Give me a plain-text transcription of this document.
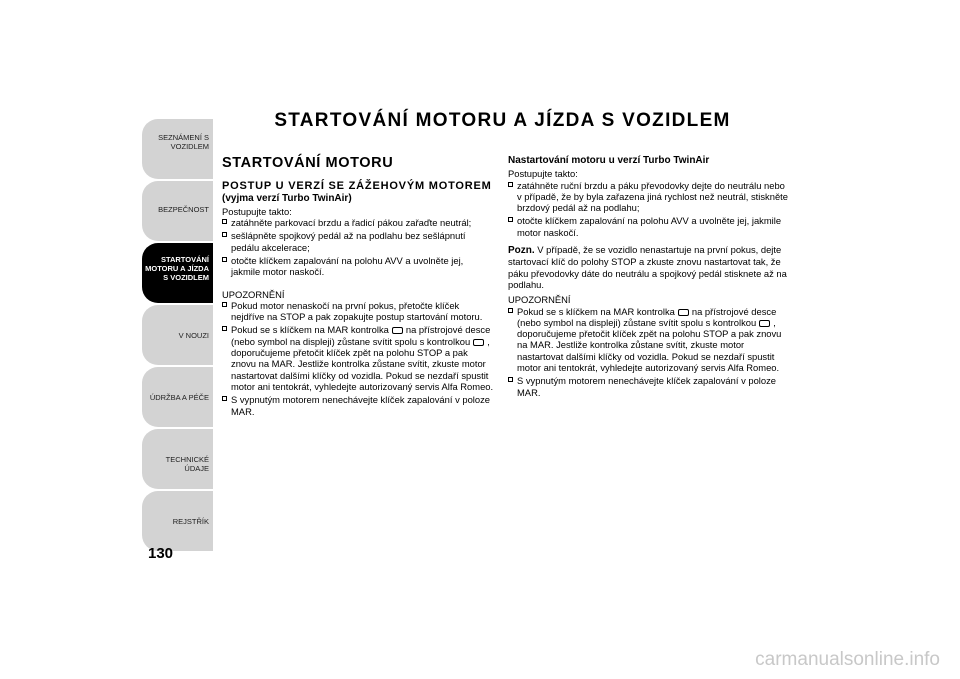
SEZNÁMENÍ S
VOZIDLEM
BEZPEČNOST
STARTOVÁNÍ
MOTORU A JÍZDA
S VOZIDLEM
V NOUZI
ÚDRŽBA A PÉČE
TECHNICKÉ ÚDAJE
REJSTŘÍK
130
STARTOVÁNÍ MOTORU A JÍZDA S VOZIDLEM
STARTOVÁNÍ MOTORU
POSTUP U VERZÍ SE ZÁŽEHOVÝM MOTOREM
(vyjma verzí Turbo TwinAir)

Postupujte takto:

zatáhněte parkovací brzdu a řadicí pákou zařaďte neutrál;
sešlápněte spojkový pedál až na podlahu bez sešlápnutí pedálu akcelerace;
otočte klíčkem zapalování na polohu AVV a uvolněte jej, jakmile motor naskočí.

UPOZORNĚNÍ

Pokud motor nenaskočí na první pokus, přetočte klíček nejdříve na STOP a pak zopakujte postup startování motoru.
Pokud se s klíčkem na MAR kontrolka na přístrojové desce (nebo symbol na displeji) zůstane svítit spolu s kontrolkou , doporučujeme přetočit klíček zpět na polohu STOP a pak znovu na MAR. Jestliže kontrolka zůstane svítit, zkuste motor nastartovat dalšími klíčky od vozidla. Pokud se nezdaří spustit motor ani tentokrát, vyhledejte autorizovaný servis Alfa Romeo.
S vypnutým motorem nenechávejte klíček zapalování v poloze MAR.
Nastartování motoru u verzí Turbo TwinAir

Postupujte takto:

zatáhněte ruční brzdu a páku převodovky dejte do neutrálu nebo v případě, že by byla zařazena jiná rychlost než neutrál, stiskněte brzdový pedál až na podlahu;
otočte klíčkem zapalování na polohu AVV a uvolněte jej, jakmile motor naskočí.

Pozn. V případě, že se vozidlo nenastartuje na první pokus, dejte startovací klíč do polohy STOP a zkuste znovu nastartovat tak, že páku převodovky dáte do neutrálu a spojkový pedál stisknete až na podlahu.

UPOZORNĚNÍ

Pokud se s klíčkem na MAR kontrolka na přístrojové desce (nebo symbol na displeji) zůstane svítit spolu s kontrolkou , doporučujeme přetočit klíček zpět na polohu STOP a pak znovu na MAR. Jestliže kontrolka zůstane svítit, zkuste motor nastartovat dalšími klíčky od vozidla. Pokud se nezdaří spustit motor ani tentokrát, vyhledejte autorizovaný servis Alfa Romeo.
S vypnutým motorem nenechávejte klíček zapalování v poloze MAR.
carmanualsonline.info
